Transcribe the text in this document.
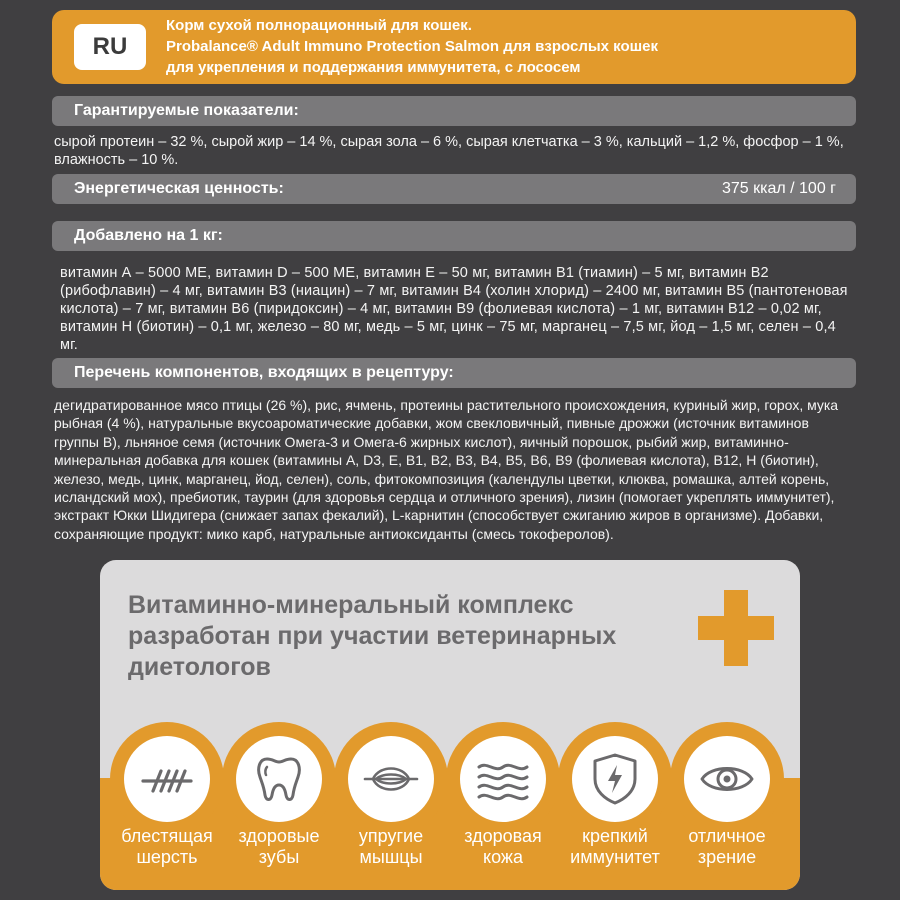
RU
Корм сухой полнорационный для кошек.
Probalance® Adult Immuno Protection Salmon для взрослых кошек
для укрепления и поддержания иммунитета, с лососем
Гарантируемые показатели:
сырой протеин – 32 %, сырой жир – 14 %, сырая зола – 6 %, сырая клетчатка – 3 %, кальций – 1,2 %, фосфор – 1 %, влажность – 10 %.
Энергетическая ценность:	375 ккал / 100 г
Добавлено на 1 кг:
витамин А – 5000 МЕ, витамин D – 500 МЕ, витамин Е – 50 мг, витамин В1 (тиамин) – 5 мг, витамин В2 (рибофлавин) – 4 мг, витамин В3 (ниацин) – 7 мг, витамин В4 (холин хлорид) – 2400 мг, витамин В5 (пантотеновая кислота) – 7 мг, витамин В6 (пиридоксин) – 4 мг, витамин В9 (фолиевая кислота) – 1 мг, витамин В12 – 0,02 мг, витамин Н (биотин) – 0,1 мг, железо – 80 мг, медь – 5 мг, цинк – 75 мг, марганец – 7,5 мг, йод – 1,5 мг, селен – 0,4 мг.
Перечень компонентов, входящих в рецептуру:
дегидратированное мясо птицы (26 %), рис, ячмень, протеины растительного происхождения, куриный жир, горох, мука рыбная (4 %), натуральные вкусоароматические добавки, жом свекловичный, пивные дрожжи (источник витаминов группы В), льняное семя (источник Омега-3 и Омега-6 жирных кислот), яичный порошок, рыбий жир, витаминно-минеральная добавка для кошек (витамины А, D3, Е, В1, В2, В3, В4, В5, В6, В9 (фолиевая кислота), В12, Н (биотин), железо, медь, цинк, марганец, йод, селен), соль, фитокомпозиция (календулы цветки, клюква, ромашка, алтей корень, исландский мох), пребиотик, таурин (для здоровья сердца и отличного зрения), лизин (помогает укреплять иммунитет), экстракт Юкки Шидигера (снижает запах фекалий), L-карнитин (способствует сжиганию жиров в организме). Добавки, сохраняющие продукт: мико карб, натуральные антиоксиданты (смесь токоферолов).
Витаминно-минеральный комплекс разработан при участии ветеринарных диетологов
блестящая
шерсть
здоровые
зубы
упругие
мышцы
здоровая
кожа
крепкий
иммунитет
отличное
зрение
